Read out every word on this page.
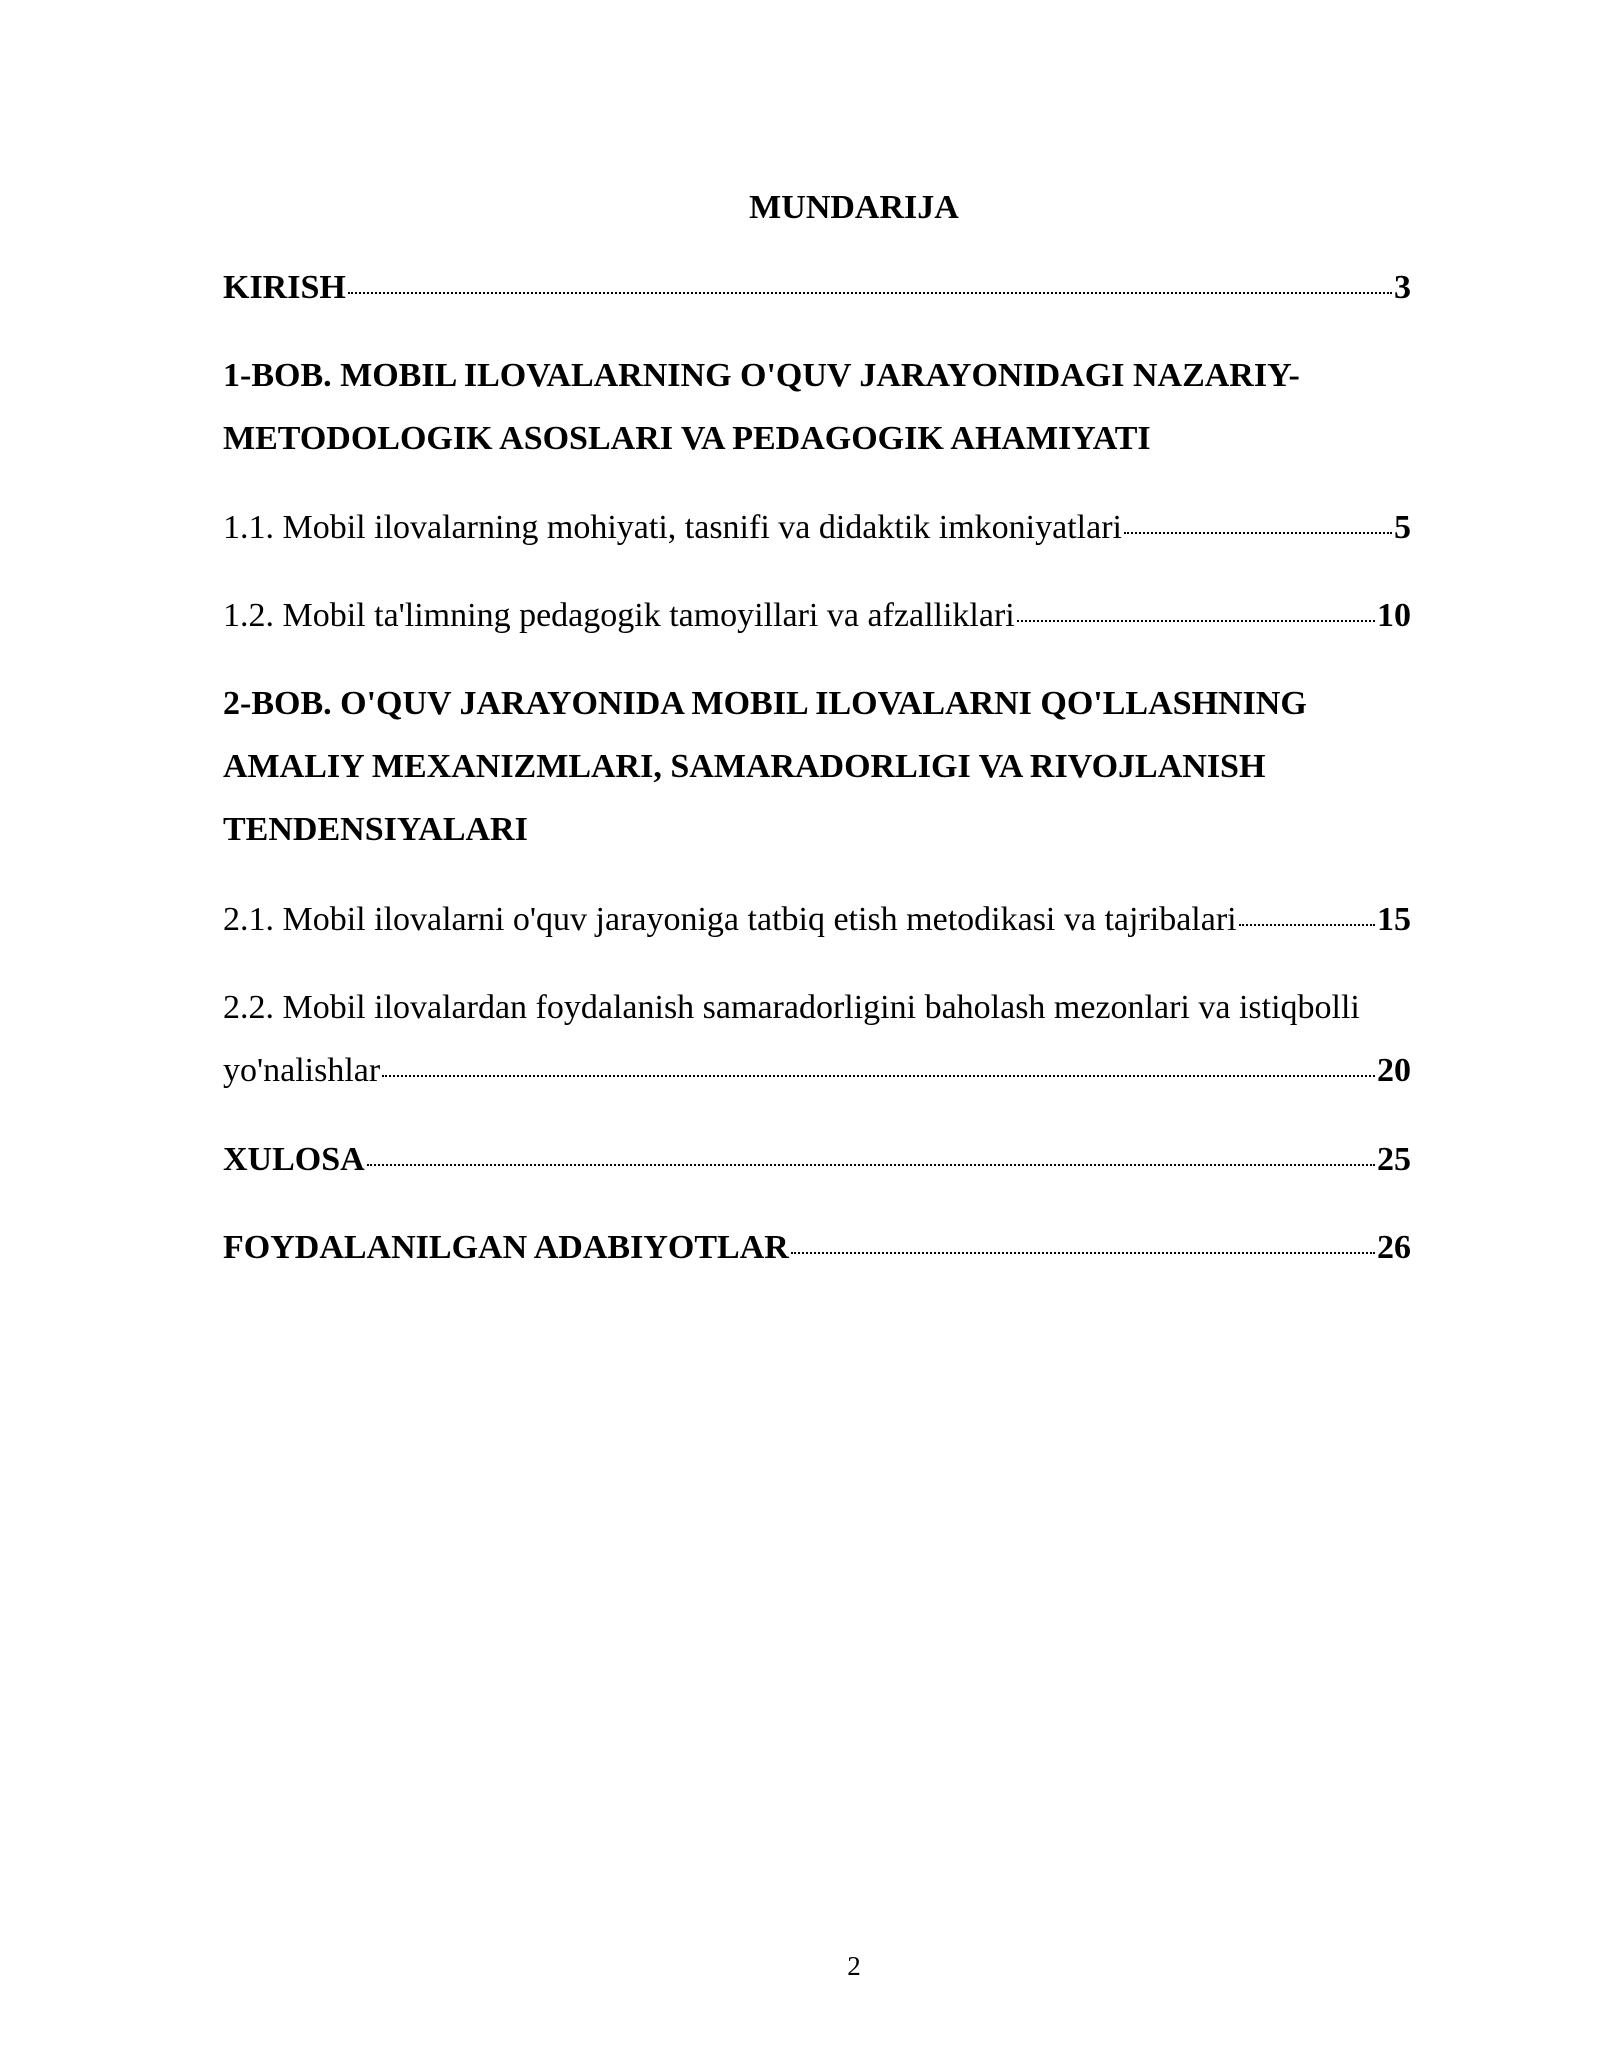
MUNDARIJA
KIRISH	3
1-BOB. MOBIL ILOVALARNING O'QUV JARAYONIDAGI NAZARIY-
METODOLOGIK ASOSLARI VA PEDAGOGIK AHAMIYATI
1.1. Mobil ilovalarning mohiyati, tasnifi va didaktik imkoniyatlari	5
1.2. Mobil ta'limning pedagogik tamoyillari va afzalliklari	10
2-BOB. O'QUV JARAYONIDA MOBIL ILOVALARNI QO'LLASHNING
AMALIY MEXANIZMLARI, SAMARADORLIGI VA RIVOJLANISH
TENDENSIYALARI
2.1. Mobil ilovalarni o'quv jarayoniga tatbiq etish metodikasi va tajribalari	15
2.2. Mobil ilovalardan foydalanish samaradorligini baholash mezonlari va istiqbolli
yo'nalishlar	20
XULOSA	25
FOYDALANILGAN ADABIYOTLAR	26
2
